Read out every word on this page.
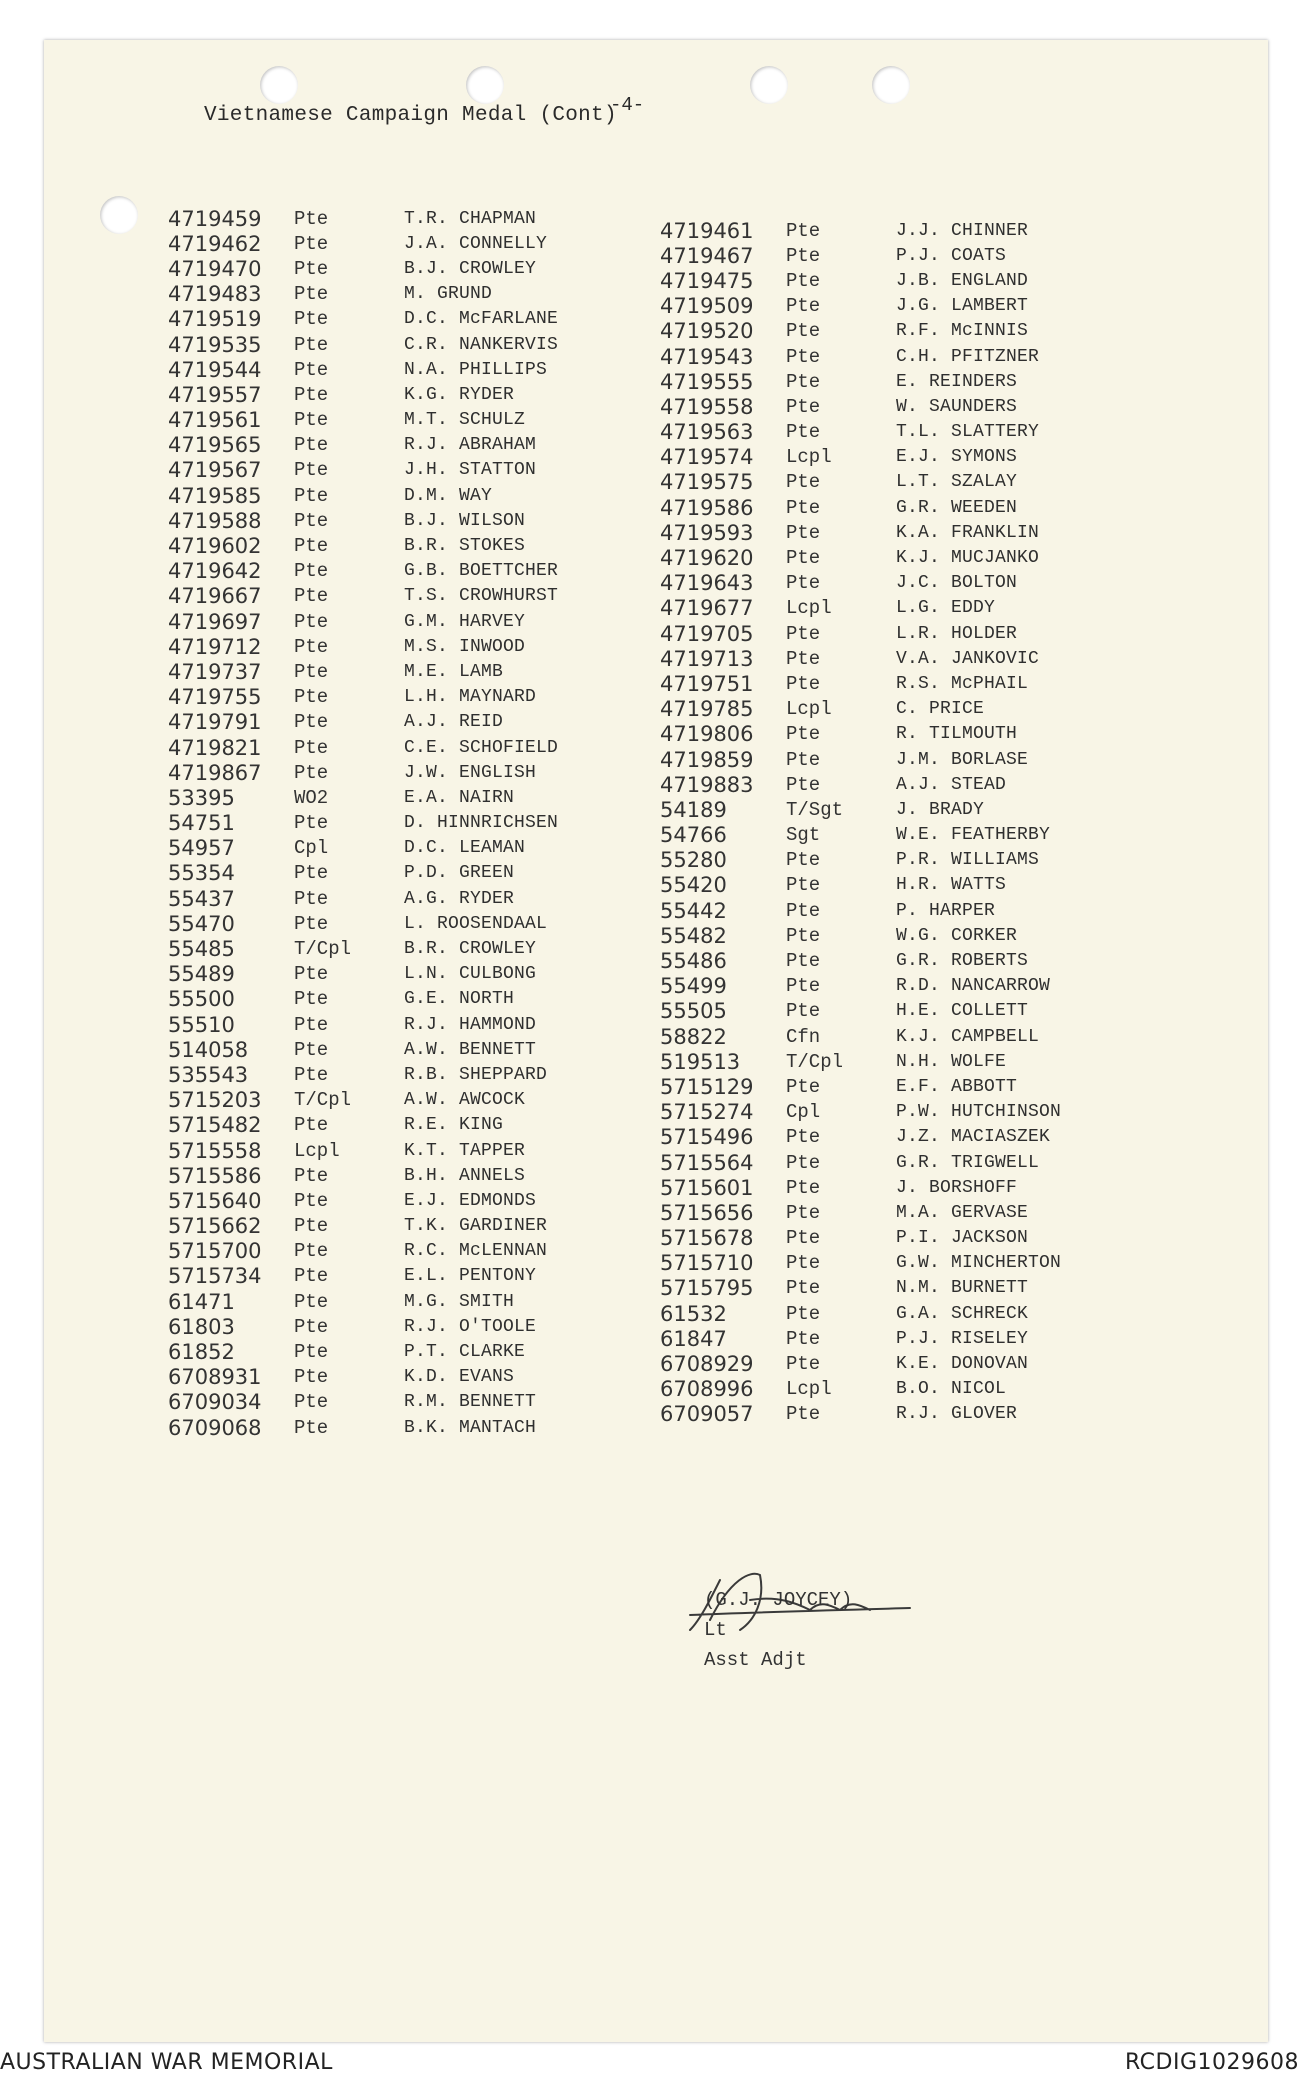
Vietnamese Campaign Medal (Cont)
-4-
4719459	Pte	T.R. CHAPMAN
4719462	Pte	J.A. CONNELLY
4719470	Pte	B.J. CROWLEY
4719483	Pte	M. GRUND
4719519	Pte	D.C. McFARLANE
4719535	Pte	C.R. NANKERVIS
4719544	Pte	N.A. PHILLIPS
4719557	Pte	K.G. RYDER
4719561	Pte	M.T. SCHULZ
4719565	Pte	R.J. ABRAHAM
4719567	Pte	J.H. STATTON
4719585	Pte	D.M. WAY
4719588	Pte	B.J. WILSON
4719602	Pte	B.R. STOKES
4719642	Pte	G.B. BOETTCHER
4719667	Pte	T.S. CROWHURST
4719697	Pte	G.M. HARVEY
4719712	Pte	M.S. INWOOD
4719737	Pte	M.E. LAMB
4719755	Pte	L.H. MAYNARD
4719791	Pte	A.J. REID
4719821	Pte	C.E. SCHOFIELD
4719867	Pte	J.W. ENGLISH
53395	WO2	E.A. NAIRN
54751	Pte	D. HINNRICHSEN
54957	Cpl	D.C. LEAMAN
55354	Pte	P.D. GREEN
55437	Pte	A.G. RYDER
55470	Pte	L. ROOSENDAAL
55485	T/Cpl	B.R. CROWLEY
55489	Pte	L.N. CULBONG
55500	Pte	G.E. NORTH
55510	Pte	R.J. HAMMOND
514058	Pte	A.W. BENNETT
535543	Pte	R.B. SHEPPARD
5715203	T/Cpl	A.W. AWCOCK
5715482	Pte	R.E. KING
5715558	Lcpl	K.T. TAPPER
5715586	Pte	B.H. ANNELS
5715640	Pte	E.J. EDMONDS
5715662	Pte	T.K. GARDINER
5715700	Pte	R.C. McLENNAN
5715734	Pte	E.L. PENTONY
61471	Pte	M.G. SMITH
61803	Pte	R.J. O'TOOLE
61852	Pte	P.T. CLARKE
6708931	Pte	K.D. EVANS
6709034	Pte	R.M. BENNETT
6709068	Pte	B.K. MANTACH
4719461	Pte	J.J. CHINNER
4719467	Pte	P.J. COATS
4719475	Pte	J.B. ENGLAND
4719509	Pte	J.G. LAMBERT
4719520	Pte	R.F. McINNIS
4719543	Pte	C.H. PFITZNER
4719555	Pte	E. REINDERS
4719558	Pte	W. SAUNDERS
4719563	Pte	T.L. SLATTERY
4719574	Lcpl	E.J. SYMONS
4719575	Pte	L.T. SZALAY
4719586	Pte	G.R. WEEDEN
4719593	Pte	K.A. FRANKLIN
4719620	Pte	K.J. MUCJANKO
4719643	Pte	J.C. BOLTON
4719677	Lcpl	L.G. EDDY
4719705	Pte	L.R. HOLDER
4719713	Pte	V.A. JANKOVIC
4719751	Pte	R.S. McPHAIL
4719785	Lcpl	C. PRICE
4719806	Pte	R. TILMOUTH
4719859	Pte	J.M. BORLASE
4719883	Pte	A.J. STEAD
54189	T/Sgt	J. BRADY
54766	Sgt	W.E. FEATHERBY
55280	Pte	P.R. WILLIAMS
55420	Pte	H.R. WATTS
55442	Pte	P. HARPER
55482	Pte	W.G. CORKER
55486	Pte	G.R. ROBERTS
55499	Pte	R.D. NANCARROW
55505	Pte	H.E. COLLETT
58822	Cfn	K.J. CAMPBELL
519513	T/Cpl	N.H. WOLFE
5715129	Pte	E.F. ABBOTT
5715274	Cpl	P.W. HUTCHINSON
5715496	Pte	J.Z. MACIASZEK
5715564	Pte	G.R. TRIGWELL
5715601	Pte	J. BORSHOFF
5715656	Pte	M.A. GERVASE
5715678	Pte	P.I. JACKSON
5715710	Pte	G.W. MINCHERTON
5715795	Pte	N.M. BURNETT
61532	Pte	G.A. SCHRECK
61847	Pte	P.J. RISELEY
6708929	Pte	K.E. DONOVAN
6708996	Lcpl	B.O. NICOL
6709057	Pte	R.J. GLOVER
(G.J. JOYCEY)
Lt
Asst Adjt
AUSTRALIAN WAR MEMORIAL	RCDIG1029608
